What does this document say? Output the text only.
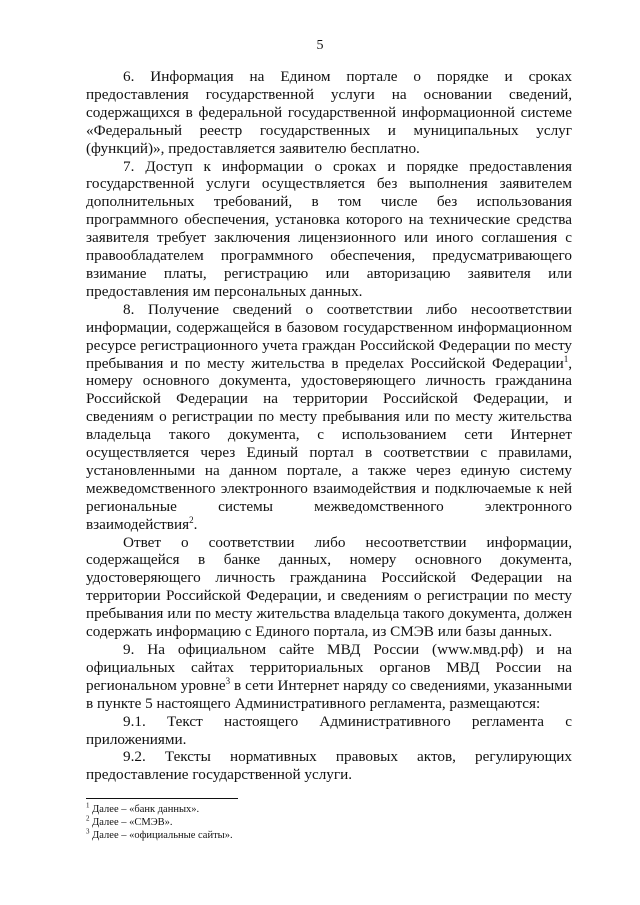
5

6. Информация на Едином портале о порядке и сроках предоставления государственной услуги на основании сведений, содержащихся в федеральной государственной информационной системе «Федеральный реестр государственных и муниципальных услуг (функций)», предоставляется заявителю бесплатно.

7. Доступ к информации о сроках и порядке предоставления государственной услуги осуществляется без выполнения заявителем дополнительных требований, в том числе без использования программного обеспечения, установка которого на технические средства заявителя требует заключения лицензионного или иного соглашения с правообладателем программного обеспечения, предусматривающего взимание платы, регистрацию или авторизацию заявителя или предоставления им персональных данных.

8. Получение сведений о соответствии либо несоответствии информации, содержащейся в базовом государственном информационном ресурсе регистрационного учета граждан Российской Федерации по месту пребывания и по месту жительства в пределах Российской Федерации$^1$, номеру основного документа, удостоверяющего личность гражданина Российской Федерации на территории Российской Федерации, и сведениям о регистрации по месту пребывания или по месту жительства владельца такого документа, с использованием сети Интернет осуществляется через Единый портал в соответствии с правилами, установленными на данном портале, а также через единую систему межведомственного электронного взаимодействия и подключаемые к ней региональные системы межведомственного электронного взаимодействия$^2$.

Ответ о соответствии либо несоответствии информации, содержащейся в банке данных, номеру основного документа, удостоверяющего личность гражданина Российской Федерации на территории Российской Федерации, и сведениям о регистрации по месту пребывания или по месту жительства владельца такого документа, должен содержать информацию с Единого портала, из СМЭВ или базы данных.

9. На официальном сайте МВД России (www.мвд.рф) и на официальных сайтах территориальных органов МВД России на региональном уровне$^3$ в сети Интернет наряду со сведениями, указанными в пункте 5 настоящего Административного регламента, размещаются:

9.1. Текст настоящего Административного регламента с приложениями.

9.2. Тексты нормативных правовых актов, регулирующих предоставление государственной услуги.

$^1$ Далее – «банк данных».

$^2$ Далее – «СМЭВ».

$^3$ Далее – «официальные сайты».
